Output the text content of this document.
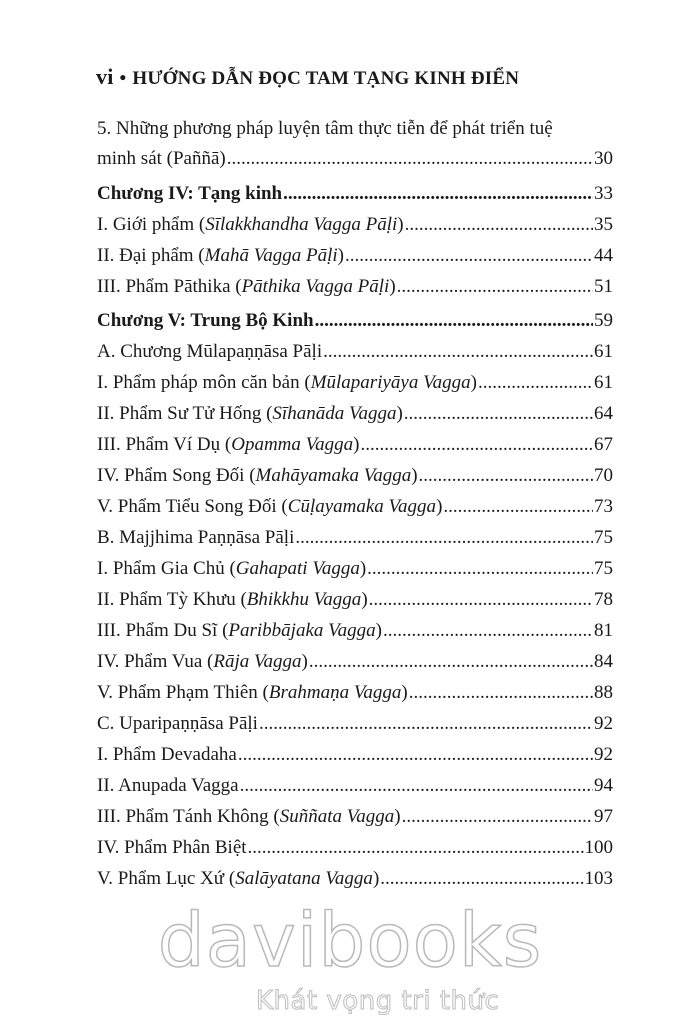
vi • HƯỚNG DẪN ĐỌC TAM TẠNG KINH ĐIỂN
5. Những phương pháp luyện tâm thực tiễn để phát triển tuệ
minh sát (Paññā) .....	30
Chương IV: Tạng kinh .....	33
I. Giới phẩm (Sīlakkhandha Vagga Pāḷi) .....	35
II. Đại phẩm (Mahā Vagga Pāḷi) .....	44
III. Phẩm Pāthika (Pāthika Vagga Pāḷi) .....	51
Chương V: Trung Bộ Kinh .....	59
A. Chương Mūlapaṇṇāsa Pāḷi .....	61
I. Phẩm pháp môn căn bản (Mūlapariyāya Vagga) .....	61
II. Phẩm Sư Tử Hống (Sīhanāda Vagga) .....	64
III. Phẩm Ví Dụ (Opamma Vagga) .....	67
IV. Phẩm Song Đối (Mahāyamaka Vagga) .....	70
V. Phẩm Tiểu Song Đối (Cūḷayamaka Vagga) .....	73
B. Majjhima Paṇṇāsa Pāḷi .....	75
I. Phẩm Gia Chủ (Gahapati Vagga) .....	75
II. Phẩm Tỳ Khưu (Bhikkhu Vagga) .....	78
III. Phẩm Du Sĩ (Paribbājaka Vagga) .....	81
IV. Phẩm Vua (Rāja Vagga) .....	84
V. Phẩm Phạm Thiên (Brahmaṇa Vagga) .....	88
C. Uparipaṇṇāsa Pāḷi .....	92
I. Phẩm Devadaha .....	92
II. Anupada Vagga .....	94
III. Phẩm Tánh Không (Suññata Vagga) .....	97
IV. Phẩm Phân Biệt .....	100
V. Phẩm Lục Xứ (Salāyatana Vagga) .....	103
davibooks
Khát vọng tri thức
